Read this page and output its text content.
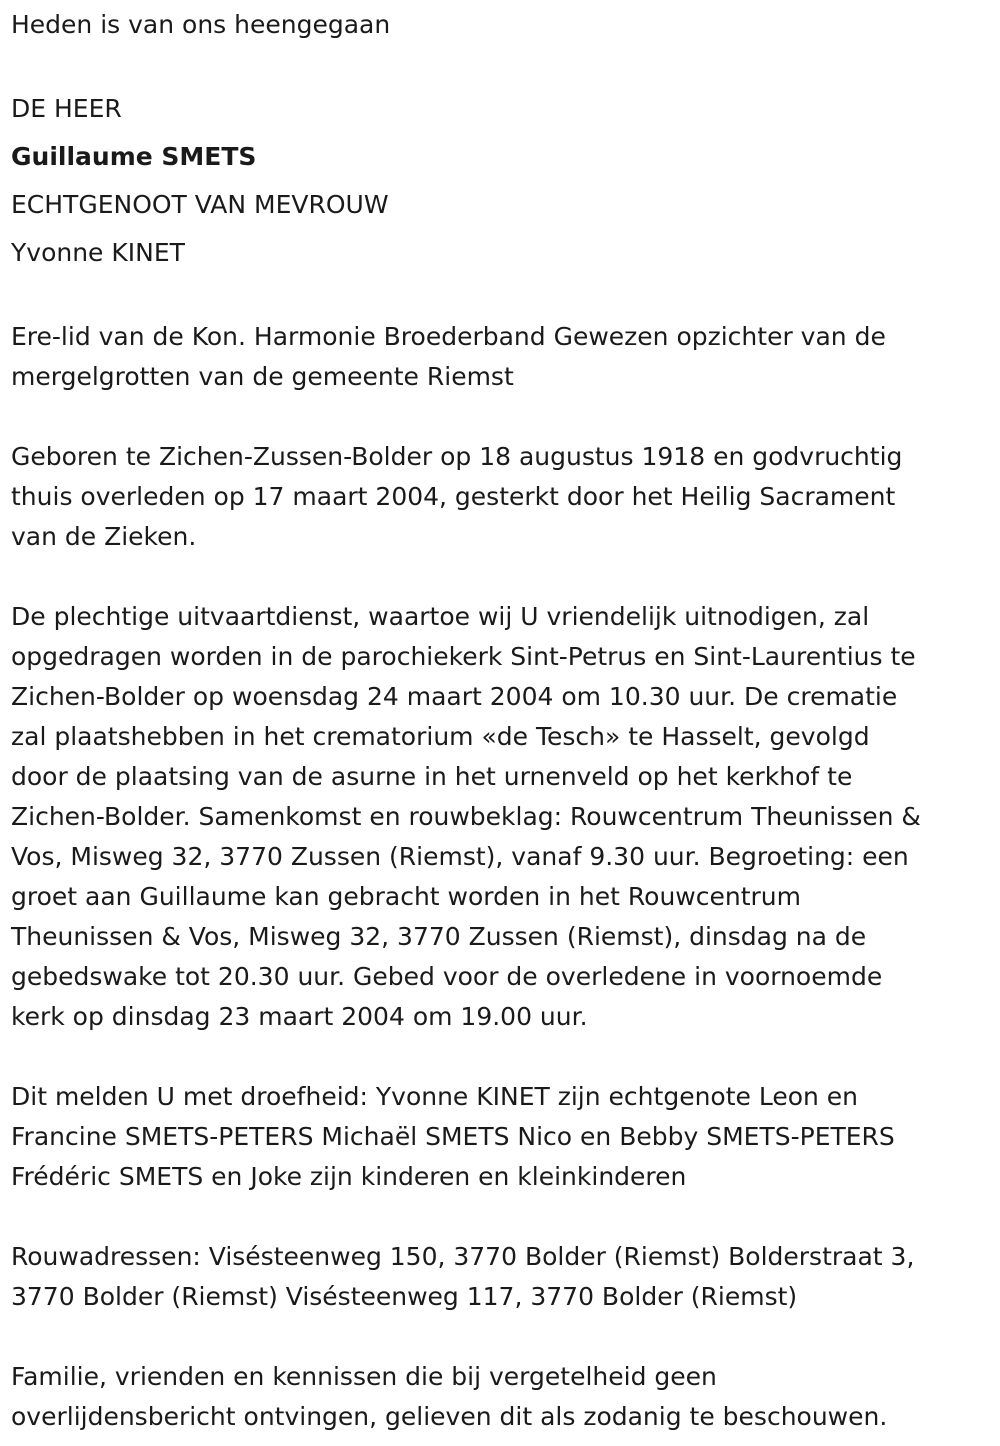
Heden is van ons heengegaan

DE HEER

Guillaume SMETS

ECHTGENOOT VAN MEVROUW

Yvonne KINET

Ere-lid van de Kon. Harmonie Broederband Gewezen opzichter van de

mergelgrotten van de gemeente Riemst

Geboren te Zichen-Zussen-Bolder op 18 augustus 1918 en godvruchtig

thuis overleden op 17 maart 2004, gesterkt door het Heilig Sacrament

van de Zieken.

De plechtige uitvaartdienst, waartoe wij U vriendelijk uitnodigen, zal

opgedragen worden in de parochiekerk Sint-Petrus en Sint-Laurentius te

Zichen-Bolder op woensdag 24 maart 2004 om 10.30 uur. De crematie

zal plaatshebben in het crematorium «de Tesch» te Hasselt, gevolgd

door de plaatsing van de asurne in het urnenveld op het kerkhof te

Zichen-Bolder. Samenkomst en rouwbeklag: Rouwcentrum Theunissen &

Vos, Misweg 32, 3770 Zussen (Riemst), vanaf 9.30 uur. Begroeting: een

groet aan Guillaume kan gebracht worden in het Rouwcentrum

Theunissen & Vos, Misweg 32, 3770 Zussen (Riemst), dinsdag na de

gebedswake tot 20.30 uur. Gebed voor de overledene in voornoemde

kerk op dinsdag 23 maart 2004 om 19.00 uur.

Dit melden U met droefheid: Yvonne KINET zijn echtgenote Leon en

Francine SMETS-PETERS Michaël SMETS Nico en Bebby SMETS-PETERS

Frédéric SMETS en Joke zijn kinderen en kleinkinderen

Rouwadressen: Visésteenweg 150, 3770 Bolder (Riemst) Bolderstraat 3,

3770 Bolder (Riemst) Visésteenweg 117, 3770 Bolder (Riemst)

Familie, vrienden en kennissen die bij vergetelheid geen

overlijdensbericht ontvingen, gelieven dit als zodanig te beschouwen.
